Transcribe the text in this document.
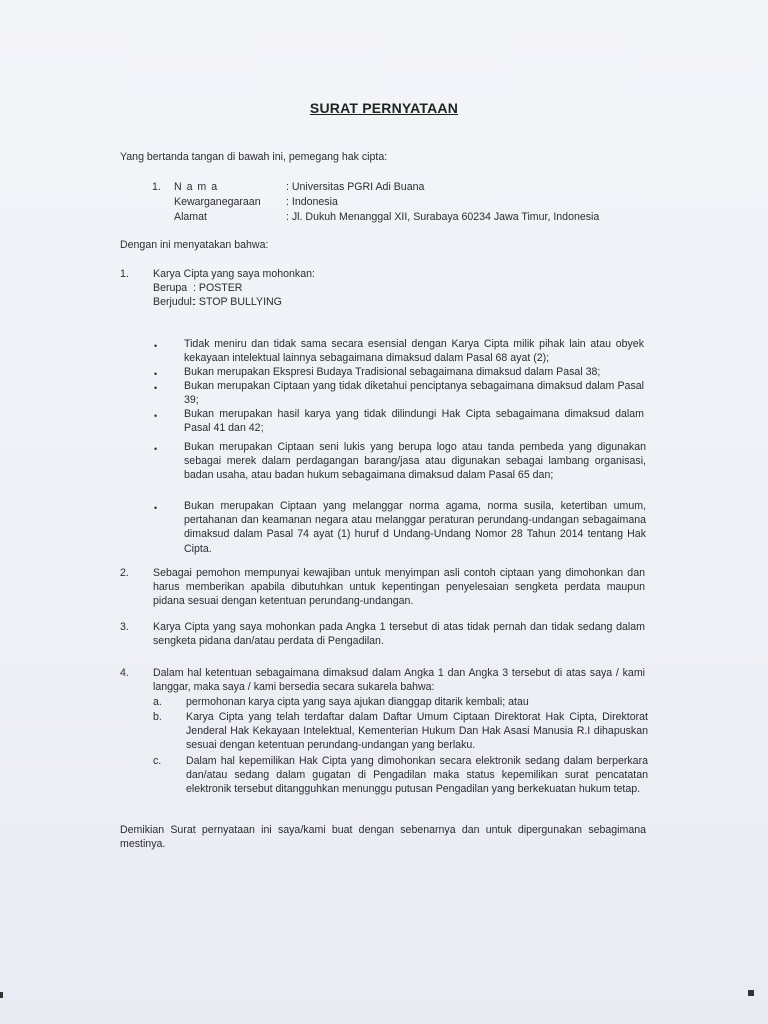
SURAT PERNYATAAN
Yang bertanda tangan di bawah ini, pemegang hak cipta:
1. N a m a	: Universitas PGRI Adi Buana
Kewarganegaraan : Indonesia
Alamat	: Jl. Dukuh Menanggal XII, Surabaya 60234 Jawa Timur, Indonesia
Dengan ini menyatakan bahwa:
1. Karya Cipta yang saya mohonkan:
Berupa : POSTER
Berjudul:
: STOP BULLYING
•	Tidak meniru dan tidak sama secara esensial dengan Karya Cipta milik pihak lain atau obyek kekayaan intelektual lainnya sebagaimana dimaksud dalam Pasal 68 ayat (2);
•	Bukan merupakan Ekspresi Budaya Tradisional sebagaimana dimaksud dalam Pasal 38;
•	Bukan merupakan Ciptaan yang tidak diketahui penciptanya sebagaimana dimaksud dalam Pasal 39;
•	Bukan merupakan hasil karya yang tidak dilindungi Hak Cipta sebagaimana dimaksud dalam Pasal 41 dan 42;
•	Bukan merupakan Ciptaan seni lukis yang berupa logo atau tanda pembeda yang digunakan sebagai merek dalam perdagangan barang/jasa atau digunakan sebagai lambang organisasi, badan usaha, atau badan hukum sebagaimana dimaksud dalam Pasal 65 dan;
•	Bukan merupakan Ciptaan yang melanggar norma agama, norma susila, ketertiban umum, pertahanan dan keamanan negara atau melanggar peraturan perundang-undangan sebagaimana dimaksud dalam Pasal 74 ayat (1) huruf d Undang-Undang Nomor 28 Tahun 2014 tentang Hak Cipta.
2. Sebagai pemohon mempunyai kewajiban untuk menyimpan asli contoh ciptaan yang dimohonkan dan harus memberikan apabila dibutuhkan untuk kepentingan penyelesaian sengketa perdata maupun pidana sesuai dengan ketentuan perundang-undangan.
3. Karya Cipta yang saya mohonkan pada Angka 1 tersebut di atas tidak pernah dan tidak sedang dalam sengketa pidana dan/atau perdata di Pengadilan.
4. Dalam hal ketentuan sebagaimana dimaksud dalam Angka 1 dan Angka 3 tersebut di atas saya / kami langgar, maka saya / kami bersedia secara sukarela bahwa:
a. permohonan karya cipta yang saya ajukan dianggap ditarik kembali; atau
b. Karya Cipta yang telah terdaftar dalam Daftar Umum Ciptaan Direktorat Hak Cipta, Direktorat Jenderal Hak Kekayaan Intelektual, Kementerian Hukum Dan Hak Asasi Manusia R.I dihapuskan sesuai dengan ketentuan perundang-undangan yang berlaku.
c. Dalam hal kepemilikan Hak Cipta yang dimohonkan secara elektronik sedang dalam berperkara dan/atau sedang dalam gugatan di Pengadilan maka status kepemilikan surat pencatatan elektronik tersebut ditangguhkan menunggu putusan Pengadilan yang berkekuatan hukum tetap.
Demikian Surat pernyataan ini saya/kami buat dengan sebenarnya dan untuk dipergunakan sebagimana mestinya.
